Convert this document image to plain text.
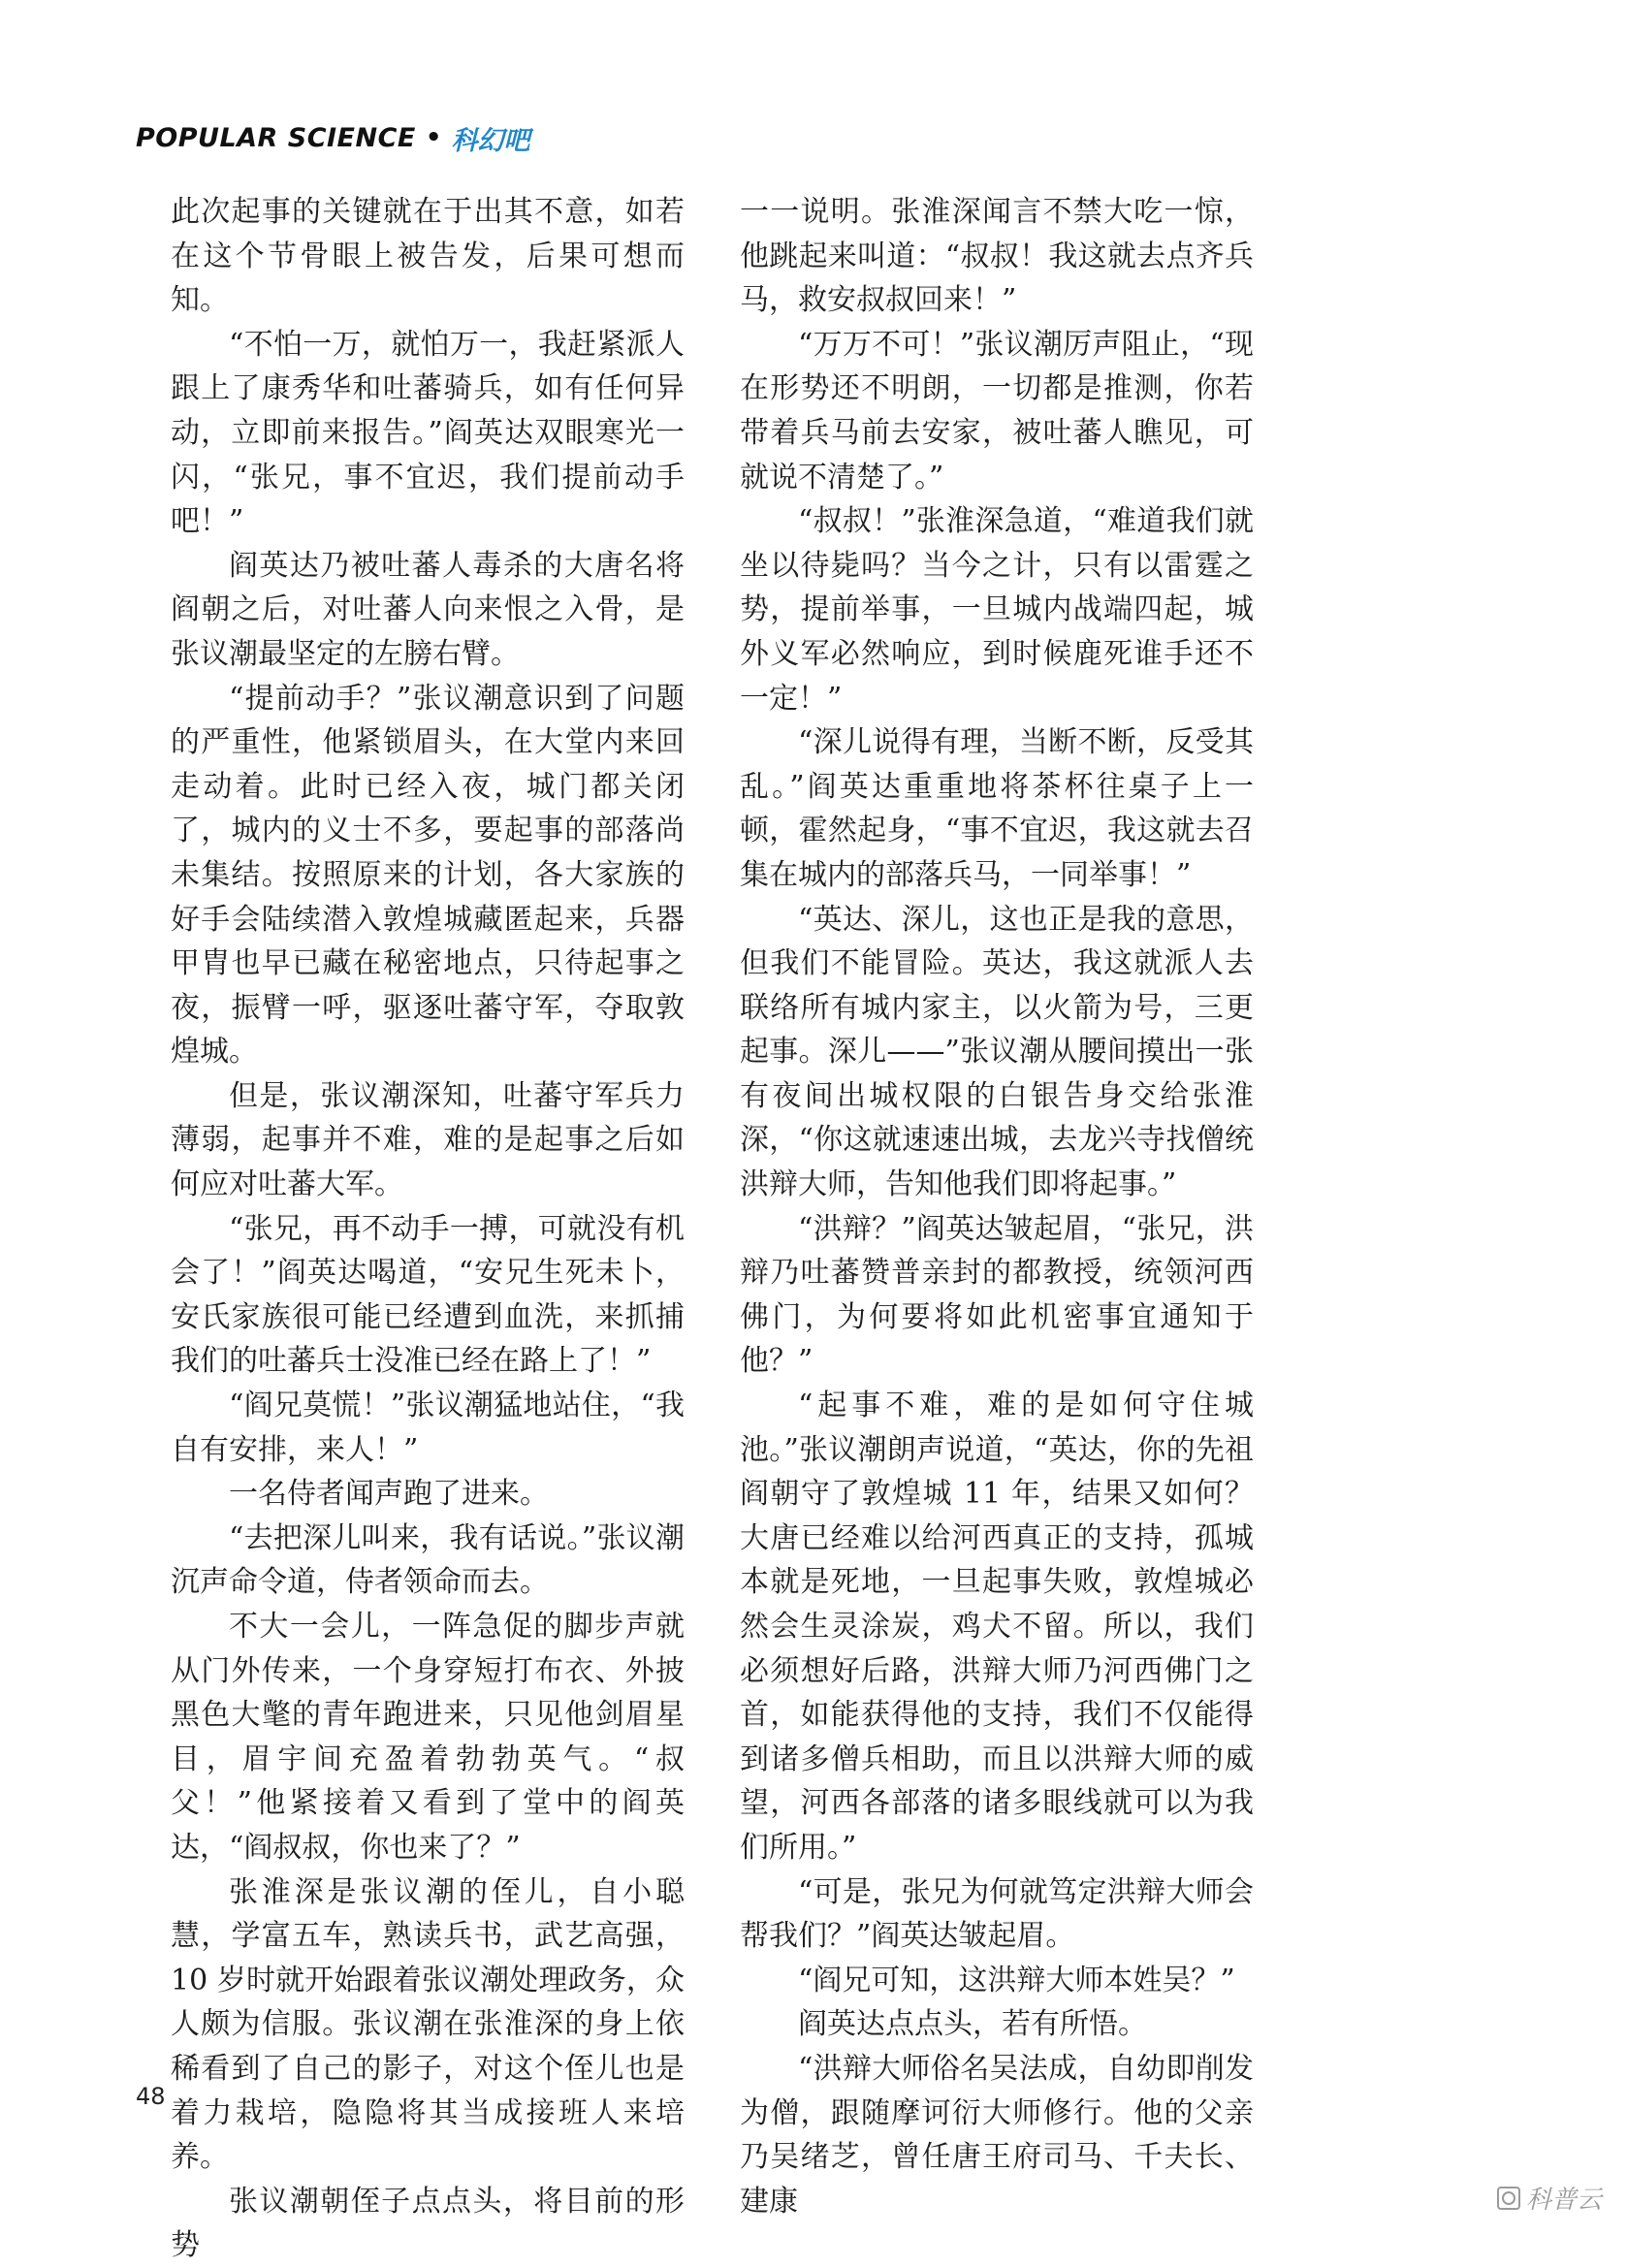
POPULAR SCIENCE • 科幻吧

此次起事的关键就在于出其不意，如若在这个节骨眼上被告发，后果可想而知。

“不怕一万，就怕万一，我赶紧派人跟上了康秀华和吐蕃骑兵，如有任何异动，立即前来报告。”阎英达双眼寒光一闪，“张兄，事不宜迟，我们提前动手吧！”

阎英达乃被吐蕃人毒杀的大唐名将阎朝之后，对吐蕃人向来恨之入骨，是张议潮最坚定的左膀右臂。

“提前动手？”张议潮意识到了问题的严重性，他紧锁眉头，在大堂内来回走动着。此时已经入夜，城门都关闭了，城内的义士不多，要起事的部落尚未集结。按照原来的计划，各大家族的好手会陆续潜入敦煌城藏匿起来，兵器甲胄也早已藏在秘密地点，只待起事之夜，振臂一呼，驱逐吐蕃守军，夺取敦煌城。

但是，张议潮深知，吐蕃守军兵力薄弱，起事并不难，难的是起事之后如何应对吐蕃大军。

“张兄，再不动手一搏，可就没有机会了！”阎英达喝道，“安兄生死未卜，安氏家族很可能已经遭到血洗，来抓捕我们的吐蕃兵士没准已经在路上了！”

“阎兄莫慌！”张议潮猛地站住，“我自有安排，来人！”

一名侍者闻声跑了进来。

“去把深儿叫来，我有话说。”张议潮沉声命令道，侍者领命而去。

不大一会儿，一阵急促的脚步声就从门外传来，一个身穿短打布衣、外披黑色大氅的青年跑进来，只见他剑眉星目，眉宇间充盈着勃勃英气。“叔父！”他紧接着又看到了堂中的阎英达，“阎叔叔，你也来了？”

张淮深是张议潮的侄儿，自小聪慧，学富五车，熟读兵书，武艺高强，10 岁时就开始跟着张议潮处理政务，众人颇为信服。张议潮在张淮深的身上依稀看到了自己的影子，对这个侄儿也是着力栽培，隐隐将其当成接班人来培养。

张议潮朝侄子点点头，将目前的形势

一一说明。张淮深闻言不禁大吃一惊，他跳起来叫道：“叔叔！我这就去点齐兵马，救安叔叔回来！”

“万万不可！”张议潮厉声阻止，“现在形势还不明朗，一切都是推测，你若带着兵马前去安家，被吐蕃人瞧见，可就说不清楚了。”

“叔叔！”张淮深急道，“难道我们就坐以待毙吗？当今之计，只有以雷霆之势，提前举事，一旦城内战端四起，城外义军必然响应，到时候鹿死谁手还不一定！”

“深儿说得有理，当断不断，反受其乱。”阎英达重重地将茶杯往桌子上一顿，霍然起身，“事不宜迟，我这就去召集在城内的部落兵马，一同举事！”

“英达、深儿，这也正是我的意思，但我们不能冒险。英达，我这就派人去联络所有城内家主，以火箭为号，三更起事。深儿——”张议潮从腰间摸出一张有夜间出城权限的白银告身交给张淮深，“你这就速速出城，去龙兴寺找僧统洪辩大师，告知他我们即将起事。”

“洪辩？”阎英达皱起眉，“张兄，洪辩乃吐蕃赞普亲封的都教授，统领河西佛门，为何要将如此机密事宜通知于他？”

“起事不难，难的是如何守住城池。”张议潮朗声说道，“英达，你的先祖阎朝守了敦煌城 11 年，结果又如何？大唐已经难以给河西真正的支持，孤城本就是死地，一旦起事失败，敦煌城必然会生灵涂炭，鸡犬不留。所以，我们必须想好后路，洪辩大师乃河西佛门之首，如能获得他的支持，我们不仅能得到诸多僧兵相助，而且以洪辩大师的威望，河西各部落的诸多眼线就可以为我们所用。”

“可是，张兄为何就笃定洪辩大师会帮我们？”阎英达皱起眉。

“阎兄可知，这洪辩大师本姓吴？”

阎英达点点头，若有所悟。

“洪辩大师俗名吴法成，自幼即削发为僧，跟随摩诃衍大师修行。他的父亲乃吴绪芝，曾任唐王府司马、千夫长、建康

48
科普云
